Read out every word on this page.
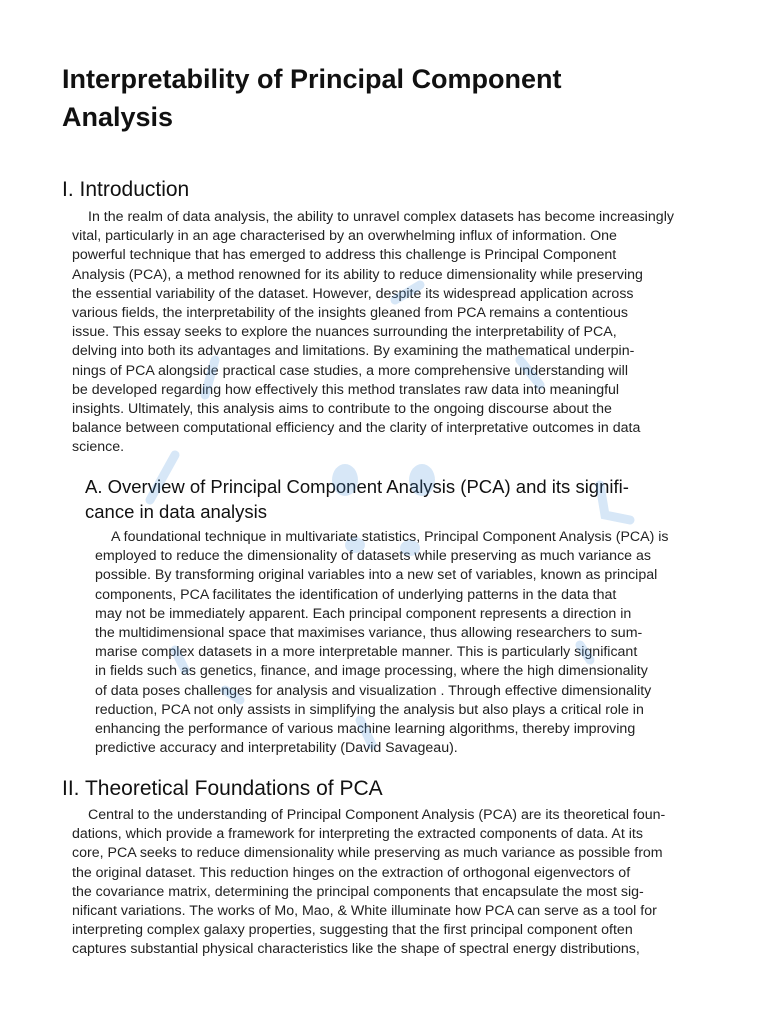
Interpretability of Principal Component
Analysis
I. Introduction
In the realm of data analysis, the ability to unravel complex datasets has become increasingly
vital, particularly in an age characterised by an overwhelming influx of information. One
powerful technique that has emerged to address this challenge is Principal Component
Analysis (PCA), a method renowned for its ability to reduce dimensionality while preserving
the essential variability of the dataset. However, despite its widespread application across
various fields, the interpretability of the insights gleaned from PCA remains a contentious
issue. This essay seeks to explore the nuances surrounding the interpretability of PCA,
delving into both its advantages and limitations. By examining the mathematical underpin-
nings of PCA alongside practical case studies, a more comprehensive understanding will
be developed regarding how effectively this method translates raw data into meaningful
insights. Ultimately, this analysis aims to contribute to the ongoing discourse about the
balance between computational efficiency and the clarity of interpretative outcomes in data
science.
A. Overview of Principal Component Analysis (PCA) and its signifi-
cance in data analysis
A foundational technique in multivariate statistics, Principal Component Analysis (PCA) is
employed to reduce the dimensionality of datasets while preserving as much variance as
possible. By transforming original variables into a new set of variables, known as principal
components, PCA facilitates the identification of underlying patterns in the data that
may not be immediately apparent. Each principal component represents a direction in
the multidimensional space that maximises variance, thus allowing researchers to sum-
marise complex datasets in a more interpretable manner. This is particularly significant
in fields such as genetics, finance, and image processing, where the high dimensionality
of data poses challenges for analysis and visualization . Through effective dimensionality
reduction, PCA not only assists in simplifying the analysis but also plays a critical role in
enhancing the performance of various machine learning algorithms, thereby improving
predictive accuracy and interpretability (David Savageau).
II. Theoretical Foundations of PCA
Central to the understanding of Principal Component Analysis (PCA) are its theoretical foun-
dations, which provide a framework for interpreting the extracted components of data. At its
core, PCA seeks to reduce dimensionality while preserving as much variance as possible from
the original dataset. This reduction hinges on the extraction of orthogonal eigenvectors of
the covariance matrix, determining the principal components that encapsulate the most sig-
nificant variations. The works of Mo, Mao, & White illuminate how PCA can serve as a tool for
interpreting complex galaxy properties, suggesting that the first principal component often
captures substantial physical characteristics like the shape of spectral energy distributions,
